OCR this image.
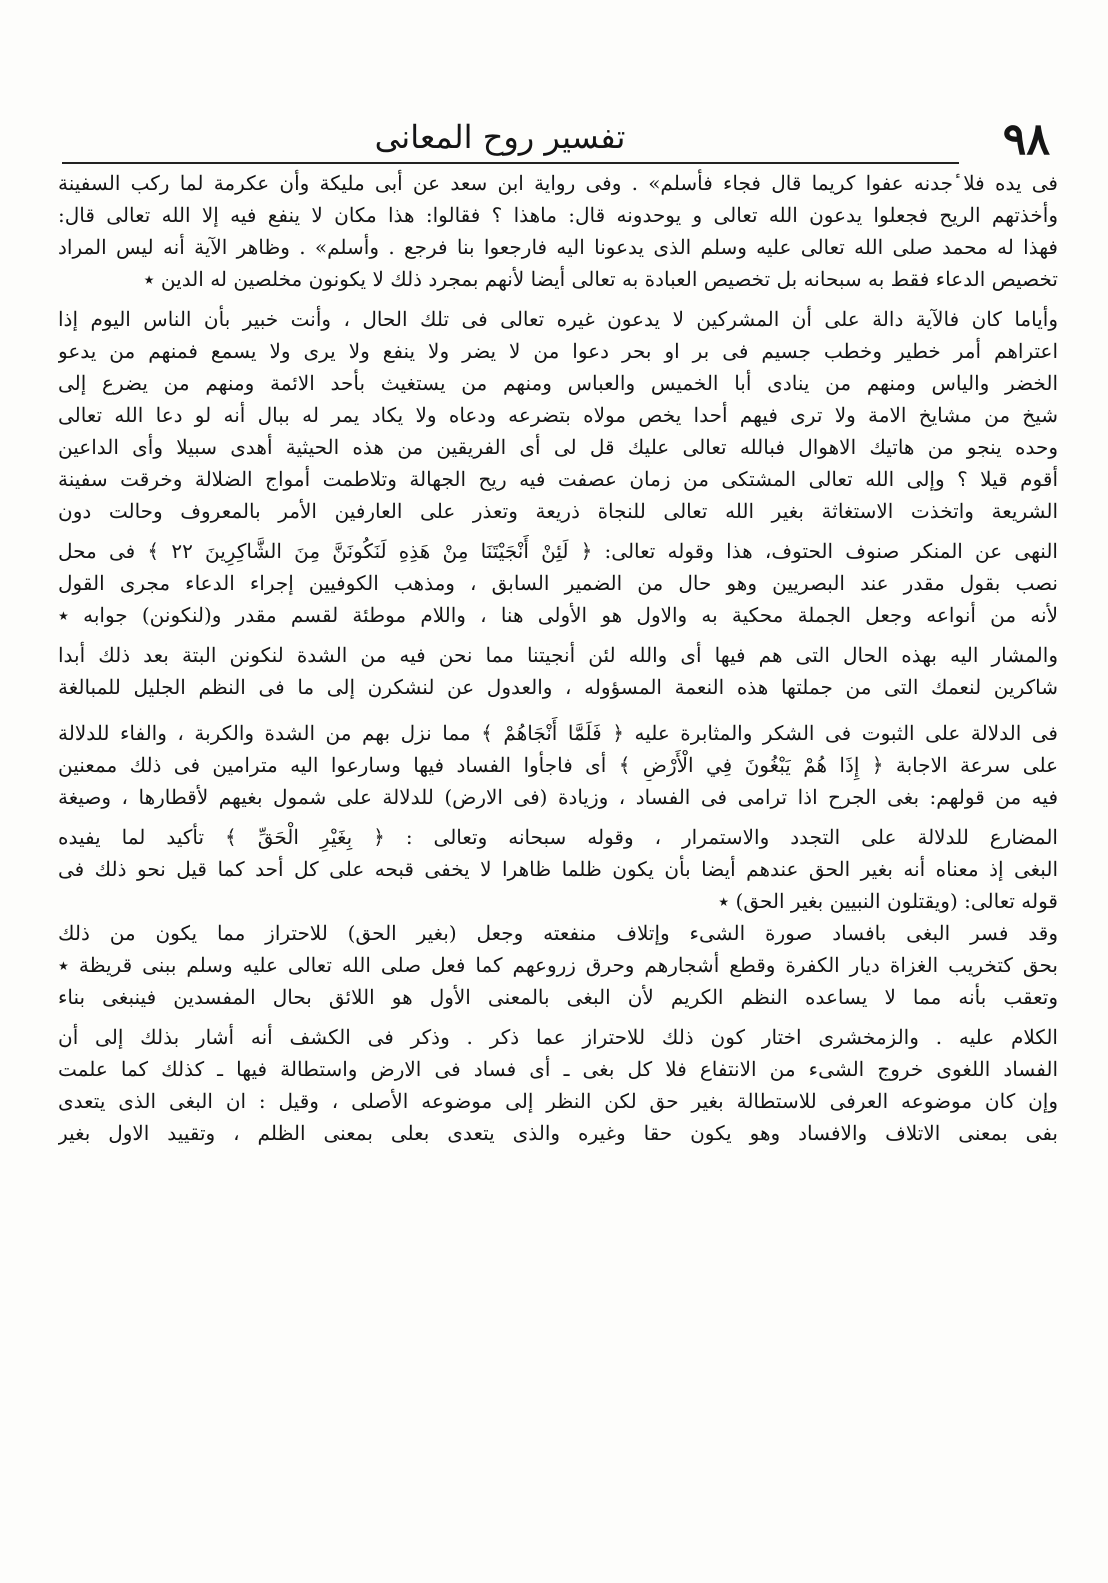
٩٨
تفسير روح المعانى
فى يده فلا ٔجدنه عفوا كريما قال فجاء فأسلم» . وفى رواية ابن سعد عن أبى مليكة وأن عكرمة لما ركب السفينة
وأخذتهم الريح فجعلوا يدعون الله تعالى و يوحدونه قال: ماهذا ؟ فقالوا: هذا مكان لا ينفع فيه إلا الله تعالى قال:
فهذا له محمد صلى الله تعالى عليه وسلم الذى يدعونا اليه فارجعوا بنا فرجع . وأسلم» . وظاهر الآية أنه ليس المراد
تخصيص الدعاء فقط به سبحانه بل تخصيص العبادة به تعالى أيضا لأنهم بمجرد ذلك لا يكونون مخلصين له الدين ٭
وأياما كان فالآية دالة على أن المشركين لا يدعون غيره تعالى فى تلك الحال ، وأنت خبير بأن الناس اليوم إذا
اعتراهم أمر خطير وخطب جسيم فى بر او بحر دعوا من لا يضر ولا ينفع ولا يرى ولا يسمع فمنهم من يدعو
الخضر والياس ومنهم من ينادى أبا الخميس والعباس ومنهم من يستغيث بأحد الائمة ومنهم من يضرع إلى
شيخ من مشايخ الامة ولا ترى فيهم أحدا يخص مولاه بتضرعه ودعاه ولا يكاد يمر له ببال أنه لو دعا الله تعالى
وحده ينجو من هاتيك الاهوال فبالله تعالى عليك قل لى أى الفريقين من هذه الحيثية أهدى سبيلا وأى الداعين
أقوم قيلا ؟ وإلى الله تعالى المشتكى من زمان عصفت فيه ريح الجهالة وتلاطمت أمواج الضلالة وخرقت سفينة
الشريعة واتخذت الاستغاثة بغير الله تعالى للنجاة ذريعة وتعذر على العارفين الأمر بالمعروف وحالت دون
النهى عن المنكر صنوف الحتوف، هذا وقوله تعالى: ﴿ لَئِنْ أَنْجَيْتَنَا مِنْ هَذِهِ لَنَكُونَنَّ مِنَ الشَّاكِرِينَ ٢٢ ﴾ فى محل
نصب بقول مقدر عند البصريين وهو حال من الضمير السابق ، ومذهب الكوفيين إجراء الدعاء مجرى القول
لأنه من أنواعه وجعل الجملة محكية به والاول هو الأولى هنا ، واللام موطئة لقسم مقدر و(لنكونن) جوابه ٭
والمشار اليه بهذه الحال التى هم فيها أى والله لئن أنجيتنا مما نحن فيه من الشدة لنكونن البتة بعد ذلك أبدا
شاكرين لنعمك التى من جملتها هذه النعمة المسؤوله ، والعدول عن لنشكرن إلى ما فى النظم الجليل للمبالغة
فى الدلالة على الثبوت فى الشكر والمثابرة عليه ﴿ فَلَمَّا أَنْجَاهُمْ ﴾ مما نزل بهم من الشدة والكربة ، والفاء للدلالة
على سرعة الاجابة ﴿ إِذَا هُمْ يَبْغُونَ فِي الْأَرْضِ ﴾ أى فاجأوا الفساد فيها وسارعوا اليه مترامين فى ذلك ممعنين
فيه من قولهم: بغى الجرح اذا ترامى فى الفساد ، وزيادة (فى الارض) للدلالة على شمول بغيهم لأقطارها ، وصيغة
المضارع للدلالة على التجدد والاستمرار ، وقوله سبحانه وتعالى : ﴿ بِغَيْرِ الْحَقِّ ﴾ تأكيد لما يفيده
البغى إذ معناه أنه بغير الحق عندهم أيضا بأن يكون ظلما ظاهرا لا يخفى قبحه على كل أحد كما قيل نحو ذلك فى
قوله تعالى: (ويقتلون النبيين بغير الحق) ٭
وقد فسر البغى بافساد صورة الشىء وإتلاف منفعته وجعل (بغير الحق) للاحتراز مما يكون من ذلك
بحق كتخريب الغزاة ديار الكفرة وقطع أشجارهم وحرق زروعهم كما فعل صلى الله تعالى عليه وسلم ببنى قريظة ٭
وتعقب بأنه مما لا يساعده النظم الكريم لأن البغى بالمعنى الأول هو اللائق بحال المفسدين فينبغى بناء
الكلام عليه . والزمخشرى اختار كون ذلك للاحتراز عما ذكر . وذكر فى الكشف أنه أشار بذلك إلى أن
الفساد اللغوى خروج الشىء من الانتفاع فلا كل بغى ـ أى فساد فى الارض واستطالة فيها ـ كذلك كما علمت
وإن كان موضوعه العرفى للاستطالة بغير حق لكن النظر إلى موضوعه الأصلى ، وقيل : ان البغى الذى يتعدى
بفى بمعنى الاتلاف والافساد وهو يكون حقا وغيره والذى يتعدى بعلى بمعنى الظلم ، وتقييد الاول بغير
